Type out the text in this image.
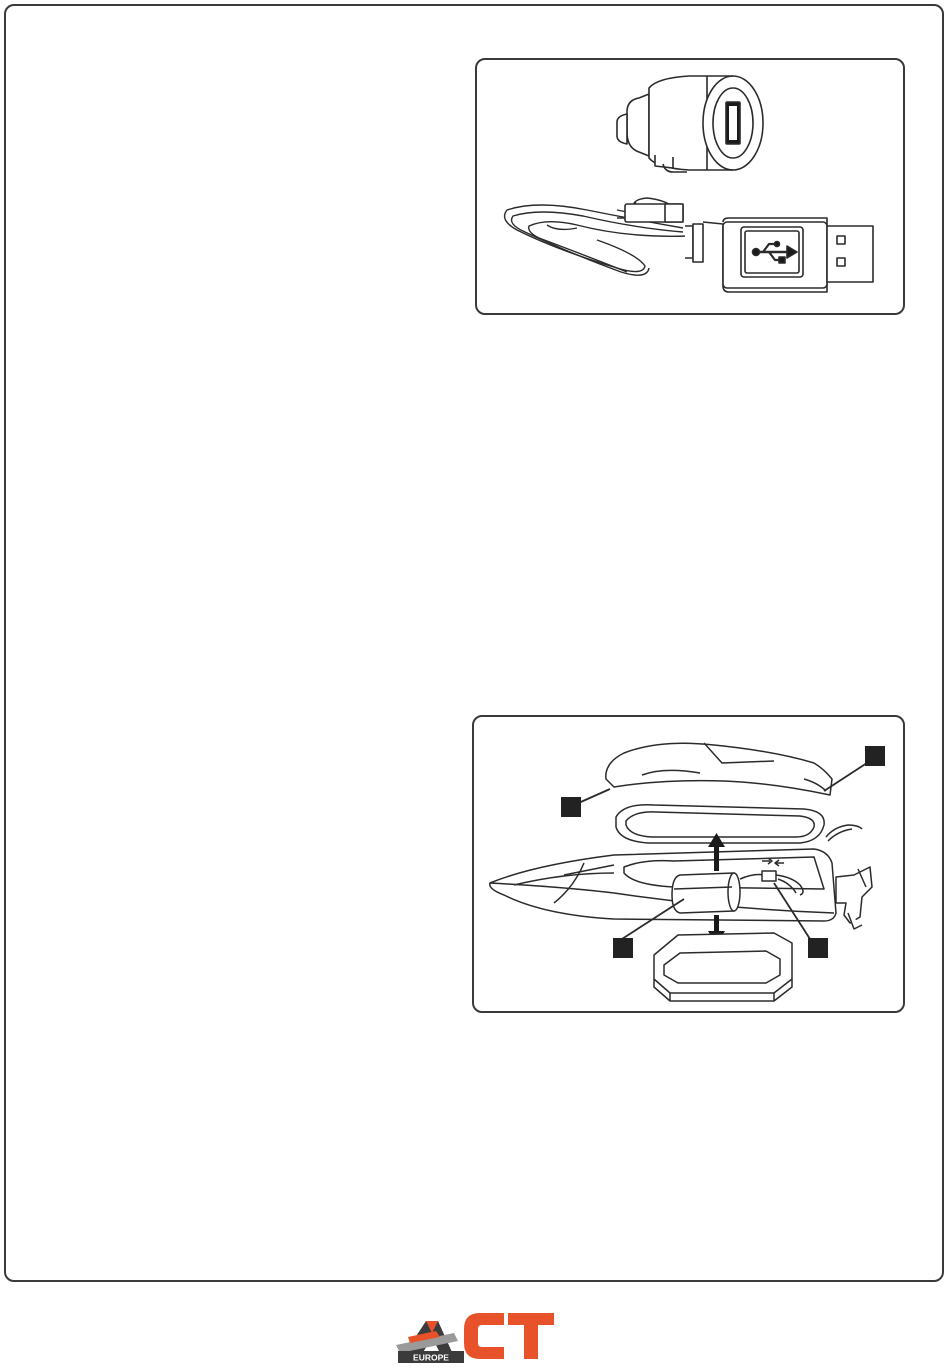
EUROPE
